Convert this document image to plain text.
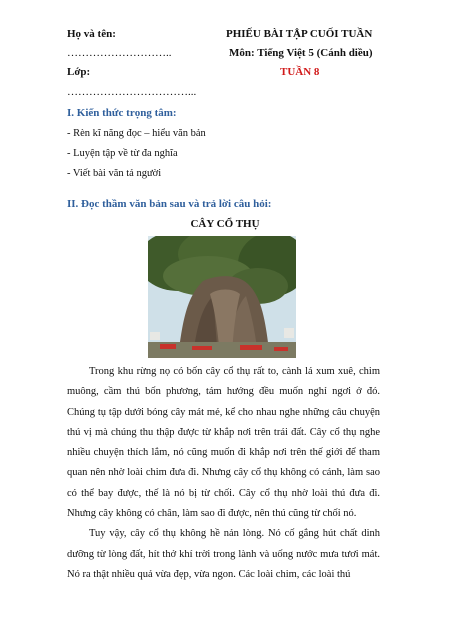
Họ và tên:
………………………..
Lớp:
……………………………...
PHIẾU BÀI TẬP CUỐI TUẦN
Môn: Tiếng Việt 5 (Cánh diều)
TUẦN 8
I. Kiến thức trọng tâm:
- Rèn kĩ năng đọc – hiểu văn bản
- Luyện tập về từ đa nghĩa
- Viết bài văn tả người
II. Đọc thầm văn bản sau và trả lời câu hỏi:
CÂY CỔ THỤ

Trong khu rừng nọ có bốn cây cổ thụ rất to, cành lá xum xuê, chim muông, cầm thú bốn phương, tám hướng đều muốn nghỉ ngơi ở đó. Chúng tụ tập dưới bóng cây mát mẻ, kể cho nhau nghe những câu chuyện thú vị mà chúng thu thập được từ khắp nơi trên trái đất. Cây cổ thụ nghe nhiều chuyện thích lắm, nó cũng muốn đi khắp nơi trên thế giới để tham quan nên nhờ loài chim đưa đi. Nhưng cây cổ thụ không có cánh, làm sao có thể bay được, thế là nó bị từ chối. Cây cổ thụ nhờ loài thú đưa đi. Nhưng cây không có chân, làm sao đi được, nên thú cũng từ chối nó.

Tuy vậy, cây cổ thụ không hề nản lòng. Nó cố gắng hút chất dinh dưỡng từ lòng đất, hít thở khí trời trong lành và uống nước mưa tươi mát. Nó ra thật nhiều quả vừa đẹp, vừa ngon. Các loài chim, các loài thú
